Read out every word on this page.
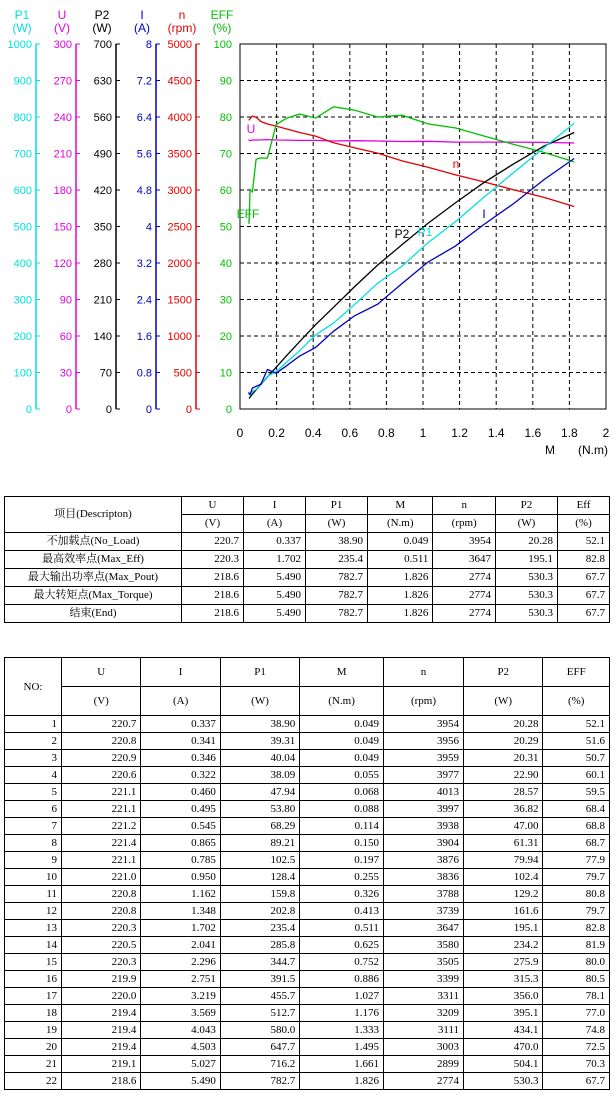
0 0.2 0.4 0.6 0.8 1 1.2 1.4 1.6 1.8 2
M (N.m)
P1
(W)
0
100
200
300
400
500
600
700
800
900
1000
U
(V)
0
30
60
90
120
150
180
210
240
270
300
P2
(W)
0
70
140
210
280
350
420
490
560
630
700
I
(A)
0
0.8
1.6
2.4
3.2
4
4.8
5.6
6.4
7.2
8
n
(rpm)
0
500
1000
1500
2000
2500
3000
3500
4000
4500
5000
EFF
(%)
0
10
20
30
40
50
60
70
80
90
100
U
n
EFF
P2 P1
I
项目(Descripton)	U	I	P1	M	n	P2	Eff
	(V)	(A)	(W)	(N.m)	(rpm)	(W)	(%)
不加载点(No_Load)	220.7	0.337	38.90	0.049	3954	20.28	52.1
最高效率点(Max_Eff)	220.3	1.702	235.4	0.511	3647	195.1	82.8
最大输出功率点(Max_Pout)	218.6	5.490	782.7	1.826	2774	530.3	67.7
最大转矩点(Max_Torque)	218.6	5.490	782.7	1.826	2774	530.3	67.7
结束(End)	218.6	5.490	782.7	1.826	2774	530.3	67.7
NO:	U	I	P1	M	n	P2	EFF
	(V)	(A)	(W)	(N.m)	(rpm)	(W)	(%)
1	220.7	0.337	38.90	0.049	3954	20.28	52.1
2	220.8	0.341	39.31	0.049	3956	20.29	51.6
3	220.9	0.346	40.04	0.049	3959	20.31	50.7
4	220.6	0.322	38.09	0.055	3977	22.90	60.1
5	221.1	0.460	47.94	0.068	4013	28.57	59.5
6	221.1	0.495	53.80	0.088	3997	36.82	68.4
7	221.2	0.545	68.29	0.114	3938	47.00	68.8
8	221.4	0.865	89.21	0.150	3904	61.31	68.7
9	221.1	0.785	102.5	0.197	3876	79.94	77.9
10	221.0	0.950	128.4	0.255	3836	102.4	79.7
11	220.8	1.162	159.8	0.326	3788	129.2	80.8
12	220.8	1.348	202.8	0.413	3739	161.6	79.7
13	220.3	1.702	235.4	0.511	3647	195.1	82.8
14	220.5	2.041	285.8	0.625	3580	234.2	81.9
15	220.3	2.296	344.7	0.752	3505	275.9	80.0
16	219.9	2.751	391.5	0.886	3399	315.3	80.5
17	220.0	3.219	455.7	1.027	3311	356.0	78.1
18	219.4	3.569	512.7	1.176	3209	395.1	77.0
19	219.4	4.043	580.0	1.333	3111	434.1	74.8
20	219.4	4.503	647.7	1.495	3003	470.0	72.5
21	219.1	5.027	716.2	1.661	2899	504.1	70.3
22	218.6	5.490	782.7	1.826	2774	530.3	67.7
